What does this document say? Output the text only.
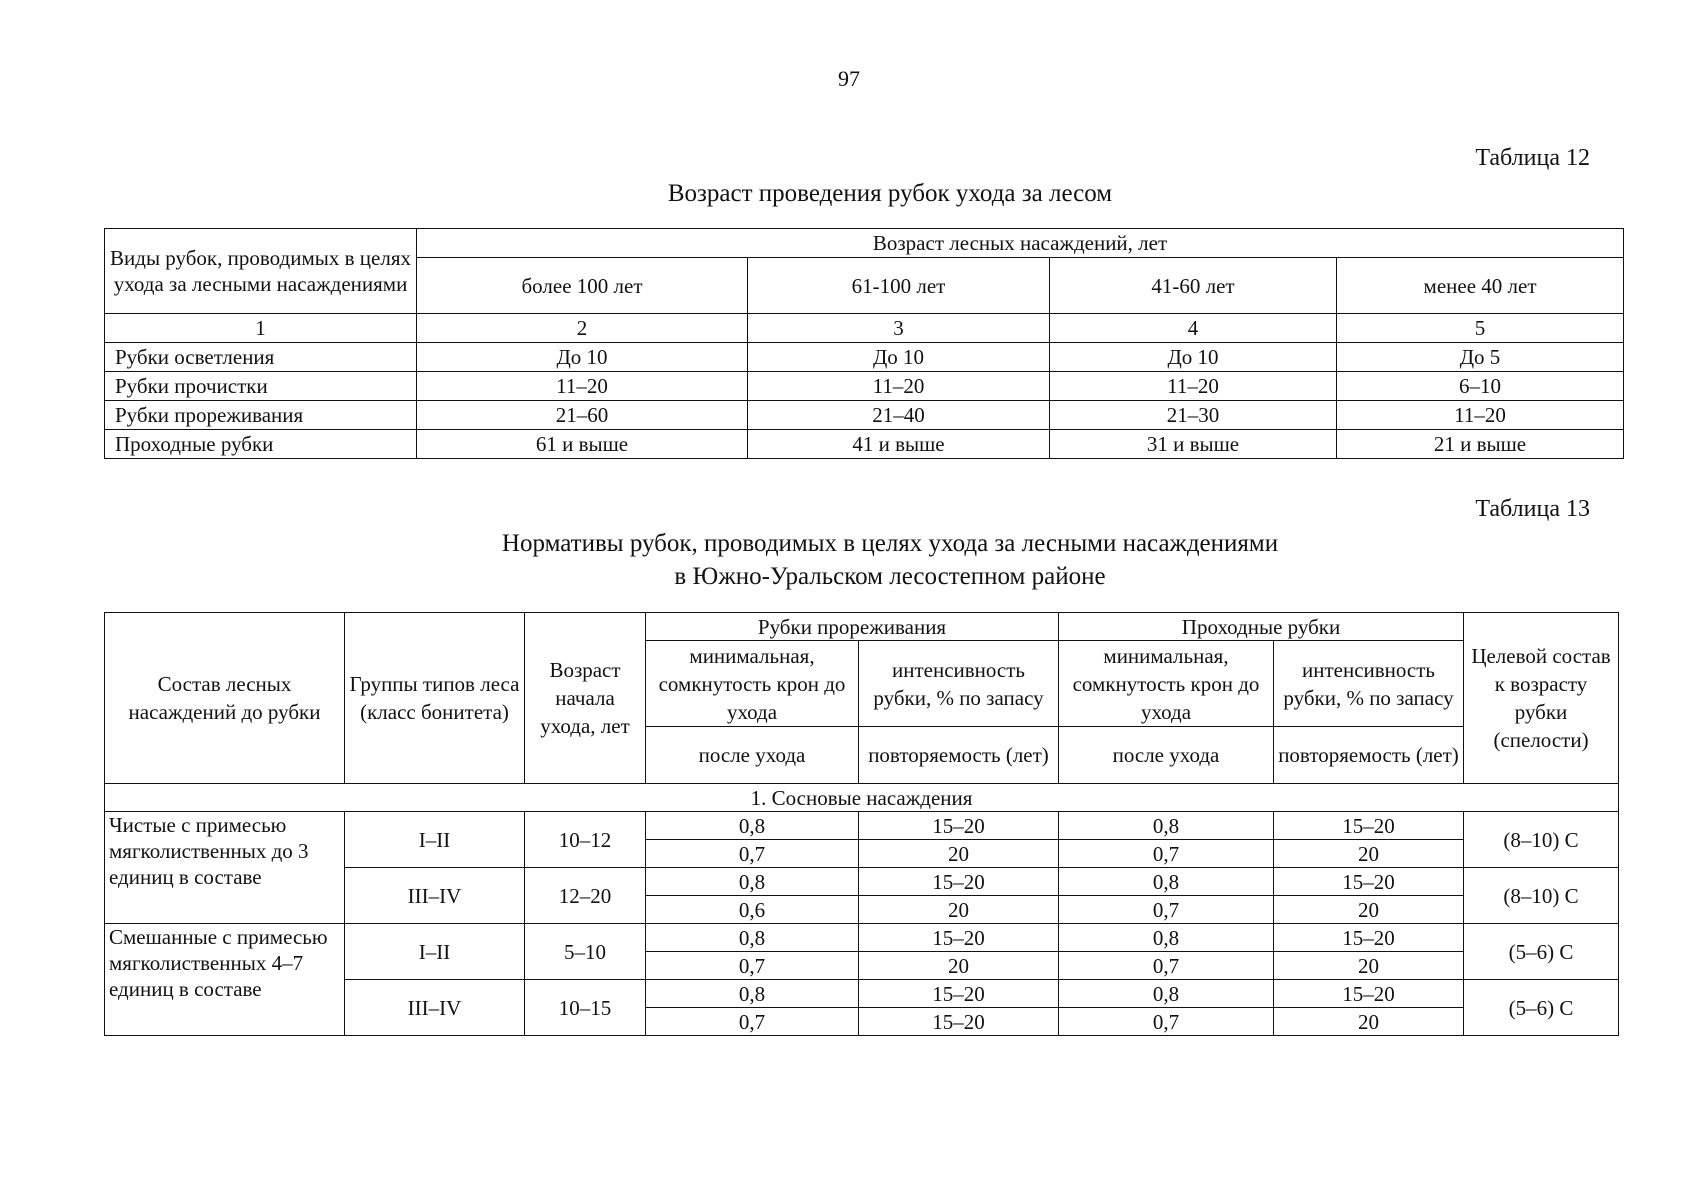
97
Таблица 12
Возраст проведения рубок ухода за лесом
Виды рубок, проводимых в целях ухода за лесными насаждениями	Возраст лесных насаждений, лет			
	более 100 лет	61-100 лет	41-60 лет	менее 40 лет
1	2	3	4	5
Рубки осветления	До 10	До 10	До 10	До 5
Рубки прочистки	11–20	11–20	11–20	6–10
Рубки прореживания	21–60	21–40	21–30	11–20
Проходные рубки	61 и выше	41 и выше	31 и выше	21 и выше
Таблица 13
Нормативы рубок, проводимых в целях ухода за лесными насаждениями
в Южно-Уральском лесостепном районе
Состав лесных насаждений до рубки	Группы типов леса (класс бонитета)	Возраст начала ухода, лет	Рубки прореживания		Проходные рубки		Целевой состав к возрасту рубки (спелости)
			минимальная, сомкнутость крон до ухода	интенсивность рубки, % по запасу	минимальная, сомкнутость крон до ухода	интенсивность рубки, % по запасу	
			после ухода	повторяемость (лет)	после ухода	повторяемость (лет)	
1. Сосновые насаждения							
Чистые с примесью мягколиственных до 3 единиц в составе	I–II	10–12	0,8	15–20	0,8	15–20	(8–10) С
			0,7	20	0,7	20	
	III–IV	12–20	0,8	15–20	0,8	15–20	(8–10) С
			0,6	20	0,7	20	
Смешанные с примесью мягколиственных 4–7 единиц в составе	I–II	5–10	0,8	15–20	0,8	15–20	(5–6) С
			0,7	20	0,7	20	
	III–IV	10–15	0,8	15–20	0,8	15–20	(5–6) С
			0,7	15–20	0,7	20	
